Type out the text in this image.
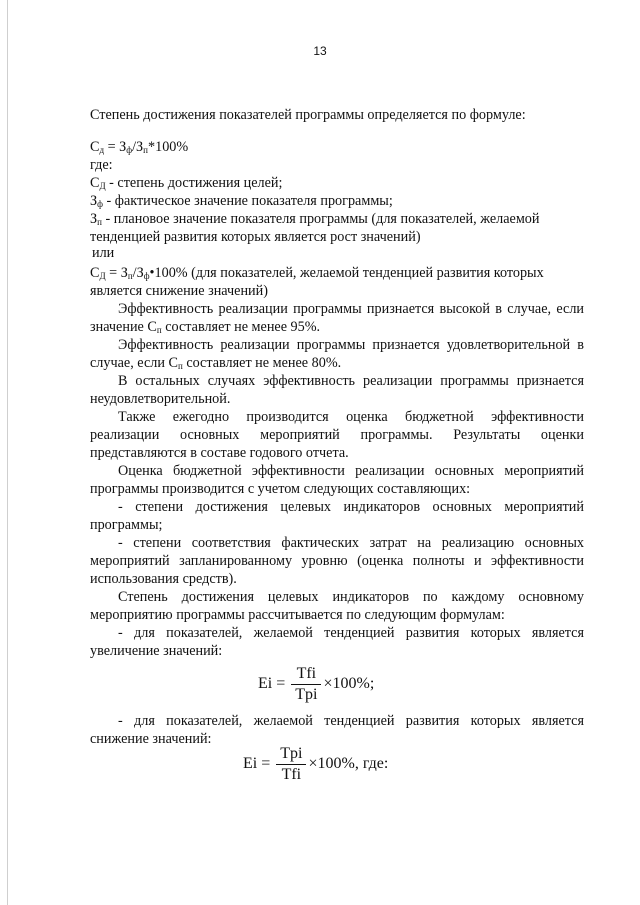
13
Степень достижения показателей программы определяется по формуле:
$С_д = З_ф/З_п*100\%$
где:
$С_Д$ - степень достижения целей;
$З_ф$ - фактическое значение показателя программы;
$З_п$ - плановое значение показателя программы (для показателей, желаемой
тенденцией развития которых является рост значений)
или
$С_Д$ = $З_п/З_ф•100\%$ (для показателей, желаемой тенденцией развития которых
является снижение значений)
Эффективность реализации программы признается высокой в случае, если
значение $С_п$ составляет не менее 95%.
Эффективность реализации программы признается удовлетворительной в
случае, если $С_п$ составляет не менее 80%.
В остальных случаях эффективность реализации программы признается
неудовлетворительной.
Также ежегодно производится оценка бюджетной эффективности
реализации основных мероприятий программы. Результаты оценки
представляются в составе годового отчета.
Оценка бюджетной эффективности реализации основных мероприятий
программы производится с учетом следующих составляющих:
- степени достижения целевых индикаторов основных мероприятий
программы;
- степени соответствия фактических затрат на реализацию основных
мероприятий запланированному уровню (оценка полноты и эффективности
использования средств).
Степень достижения целевых индикаторов по каждому основному
мероприятию программы рассчитывается по следующим формулам:
- для показателей, желаемой тенденцией развития которых является
увеличение значений:
$Ei = \frac{\text{Tfi}}{\text{Tpi}} \times 100\%$;
- для показателей, желаемой тенденцией развития которых является
снижение значений:
$Ei = \frac{\text{Tpi}}{\text{Tfi}} \times 100\%$, где:
